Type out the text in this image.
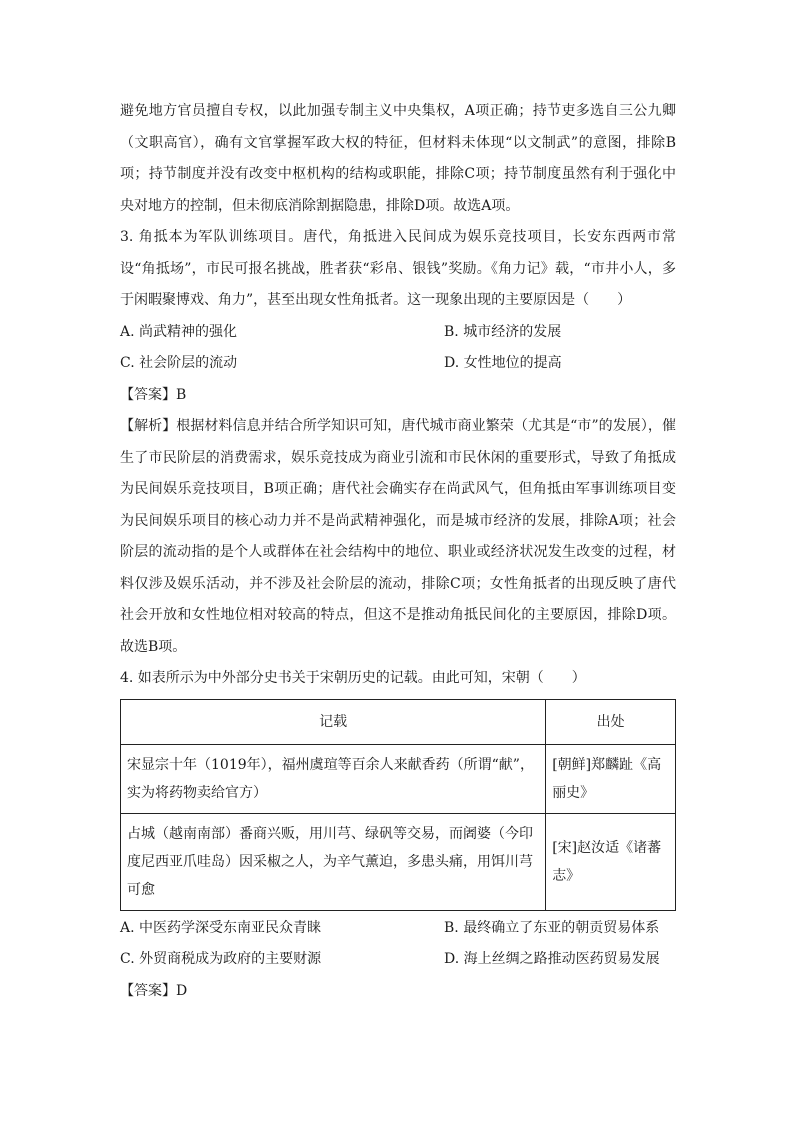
避免地方官员擅自专权，以此加强专制主义中央集权，A项正确；持节吏多选自三公九卿（文职高官），确有文官掌握军政大权的特征，但材料未体现“以文制武”的意图，排除B项；持节制度并没有改变中枢机构的结构或职能，排除C项；持节制度虽然有利于强化中央对地方的控制，但未彻底消除割据隐患，排除D项。故选A项。

3. 角抵本为军队训练项目。唐代，角抵进入民间成为娱乐竞技项目，长安东西两市常设“角抵场”，市民可报名挑战，胜者获“彩帛、银钱”奖励。《角力记》载，“市井小人，多于闲暇聚博戏、角力”，甚至出现女性角抵者。这一现象出现的主要原因是（　　）

A. 尚武精神的强化	B. 城市经济的发展
C. 社会阶层的流动	D. 女性地位的提高

【答案】B

【解析】根据材料信息并结合所学知识可知，唐代城市商业繁荣（尤其是“市”的发展），催生了市民阶层的消费需求，娱乐竞技成为商业引流和市民休闲的重要形式，导致了角抵成为民间娱乐竞技项目，B项正确；唐代社会确实存在尚武风气，但角抵由军事训练项目变为民间娱乐项目的核心动力并不是尚武精神强化，而是城市经济的发展，排除A项；社会阶层的流动指的是个人或群体在社会结构中的地位、职业或经济状况发生改变的过程，材料仅涉及娱乐活动，并不涉及社会阶层的流动，排除C项；女性角抵者的出现反映了唐代社会开放和女性地位相对较高的特点，但这不是推动角抵民间化的主要原因，排除D项。故选B项。

4. 如表所示为中外部分史书关于宋朝历史的记载。由此可知，宋朝（　　）

记载	出处
宋显宗十年（1019年），福州虞瑄等百余人来献香药（所谓“献”，实为将药物卖给官方）	[朝鲜]郑麟趾《高丽史》
占城（越南南部）番商兴贩，用川芎、绿矾等交易，而阇婆（今印度尼西亚爪哇岛）因采椒之人，为辛气薰迫，多患头痛，用饵川芎可愈	[宋]赵汝适《诸蕃志》
A. 中医药学深受东南亚民众青睐	B. 最终确立了东亚的朝贡贸易体系
C. 外贸商税成为政府的主要财源	D. 海上丝绸之路推动医药贸易发展

【答案】D
